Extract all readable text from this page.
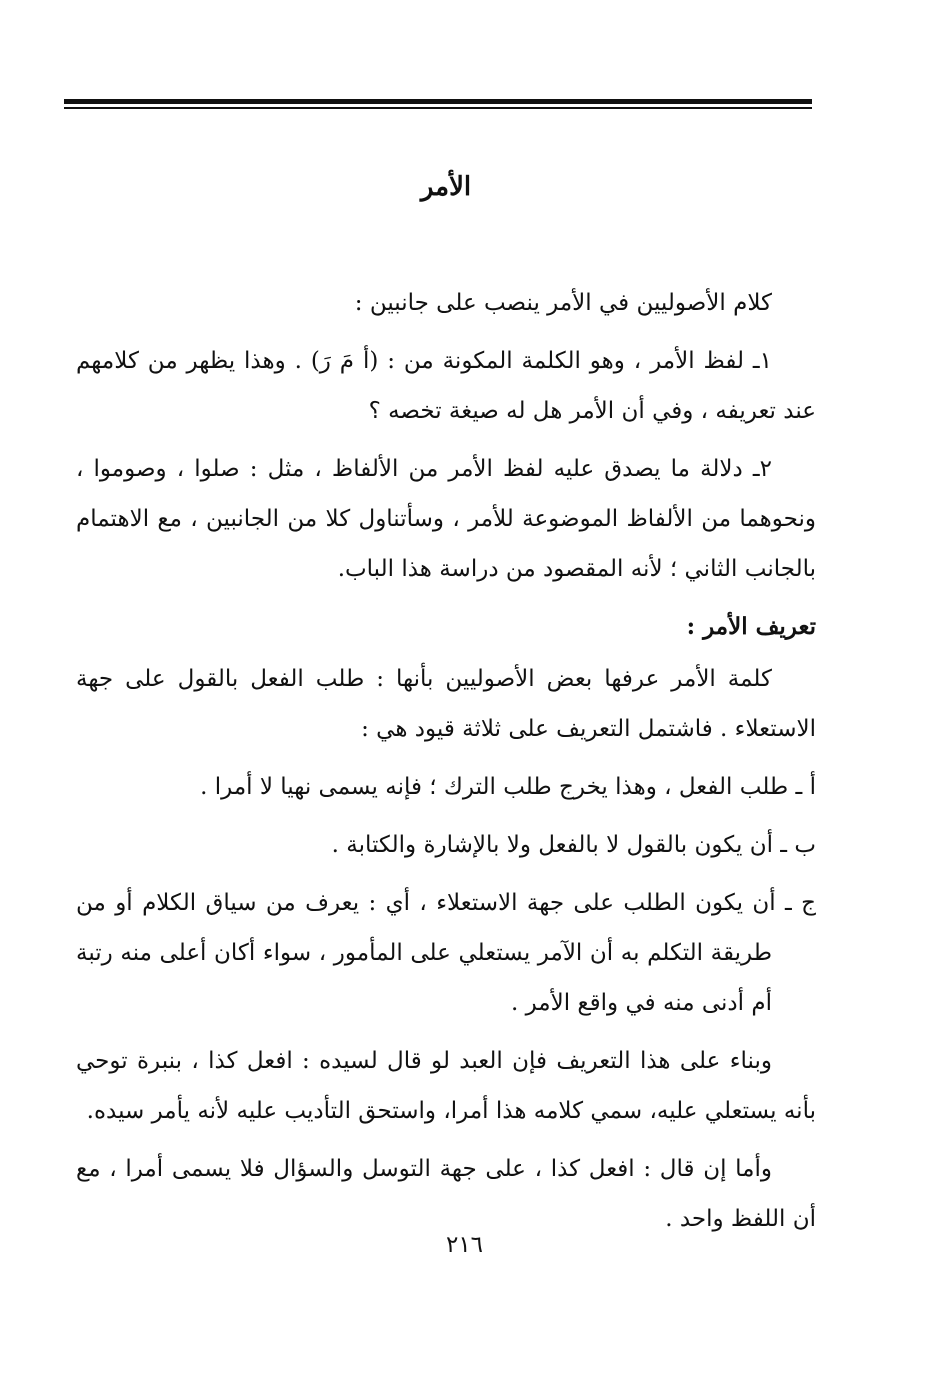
الأمر

كلام الأصوليين في الأمر ينصب على جانبين :

١ـ لفظ الأمر ، وهو الكلمة المكونة من : (أ مَ رَ) . وهذا يظهر من كلامهم عند تعريفه ، وفي أن الأمر هل له صيغة تخصه ؟

٢ـ دلالة ما يصدق عليه لفظ الأمر من الألفاظ ، مثل : صلوا ، وصوموا ، ونحوهما من الألفاظ الموضوعة للأمر ، وسأتناول كلا من الجانبين ، مع الاهتمام بالجانب الثاني ؛ لأنه المقصود من دراسة هذا الباب.

تعريف الأمر :

كلمة الأمر عرفها بعض الأصوليين بأنها : طلب الفعل بالقول على جهة الاستعلاء . فاشتمل التعريف على ثلاثة قيود هي :

أ ـ طلب الفعل ، وهذا يخرج طلب الترك ؛ فإنه يسمى نهيا لا أمرا .

ب ـ أن يكون بالقول لا بالفعل ولا بالإشارة والكتابة .

ج ـ أن يكون الطلب على جهة الاستعلاء ، أي : يعرف من سياق الكلام أو من طريقة التكلم به أن الآمر يستعلي على المأمور ، سواء أكان أعلى منه رتبة أم أدنى منه في واقع الأمر .

وبناء على هذا التعريف فإن العبد لو قال لسيده : افعل كذا ، بنبرة توحي بأنه يستعلي عليه، سمي كلامه هذا أمرا، واستحق التأديب عليه لأنه يأمر سيده.

وأما إن قال : افعل كذا ، على جهة التوسل والسؤال فلا يسمى أمرا ، مع أن اللفظ واحد .

٢١٦
